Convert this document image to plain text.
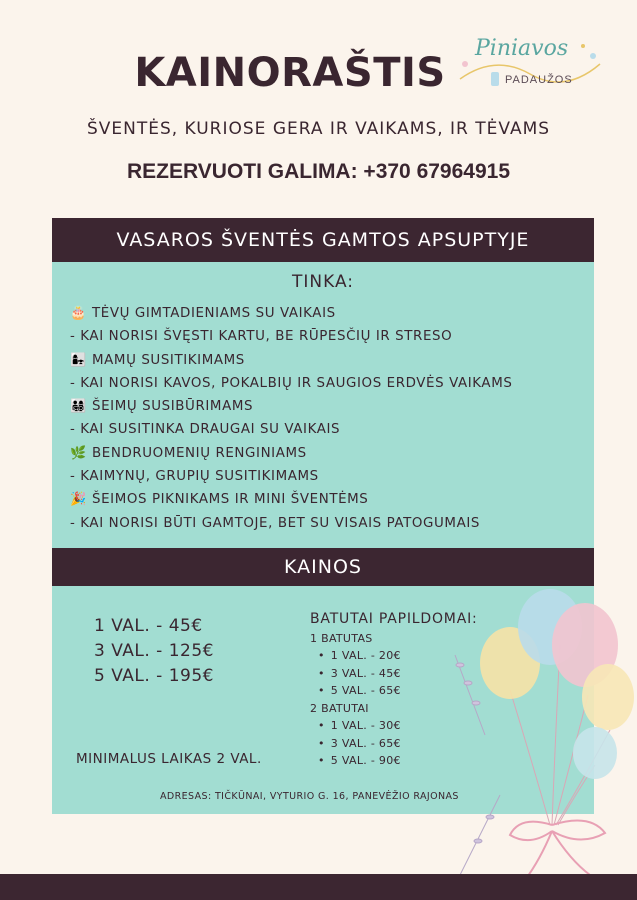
KAINORAŠTIS
Piniavos
PADAUŽOS
ŠVENTĖS, KURIOSE GERA IR VAIKAMS, IR TĖVAMS
REZERVUOTI GALIMA: +370 67964915
VASAROS ŠVENTĖS GAMTOS APSUPTYJE
TINKA:
🎂 TĖVŲ GIMTADIENIAMS SU VAIKAIS
- KAI NORISI ŠVĘSTI KARTU, BE RŪPESČIŲ IR STRESO
👩‍👧 MAMŲ SUSITIKIMAMS
- KAI NORISI KAVOS, POKALBIŲ IR SAUGIOS ERDVĖS VAIKAMS
👨‍👩‍👧‍👦 ŠEIMŲ SUSIBŪRIMAMS
- KAI SUSITINKA DRAUGAI SU VAIKAIS
🌿 BENDRUOMENIŲ RENGINIAMS
- KAIMYNŲ, GRUPIŲ SUSITIKIMAMS
🎉 ŠEIMOS PIKNIKAMS IR MINI ŠVENTĖMS
- KAI NORISI BŪTI GAMTOJE, BET SU VISAIS PATOGUMAIS
KAINOS
1 VAL. - 45€
3 VAL. - 125€
5 VAL. - 195€
MINIMALUS LAIKAS 2 VAL.
BATUTAI PAPILDOMAI:
1 BATUTAS
• 1 VAL. - 20€
• 3 VAL. - 45€
• 5 VAL. - 65€
2 BATUTAI
• 1 VAL. - 30€
• 3 VAL. - 65€
• 5 VAL. - 90€
ADRESAS: TIČKŪNAI, VYTURIO G. 16, PANEVĖŽIO RAJONAS
